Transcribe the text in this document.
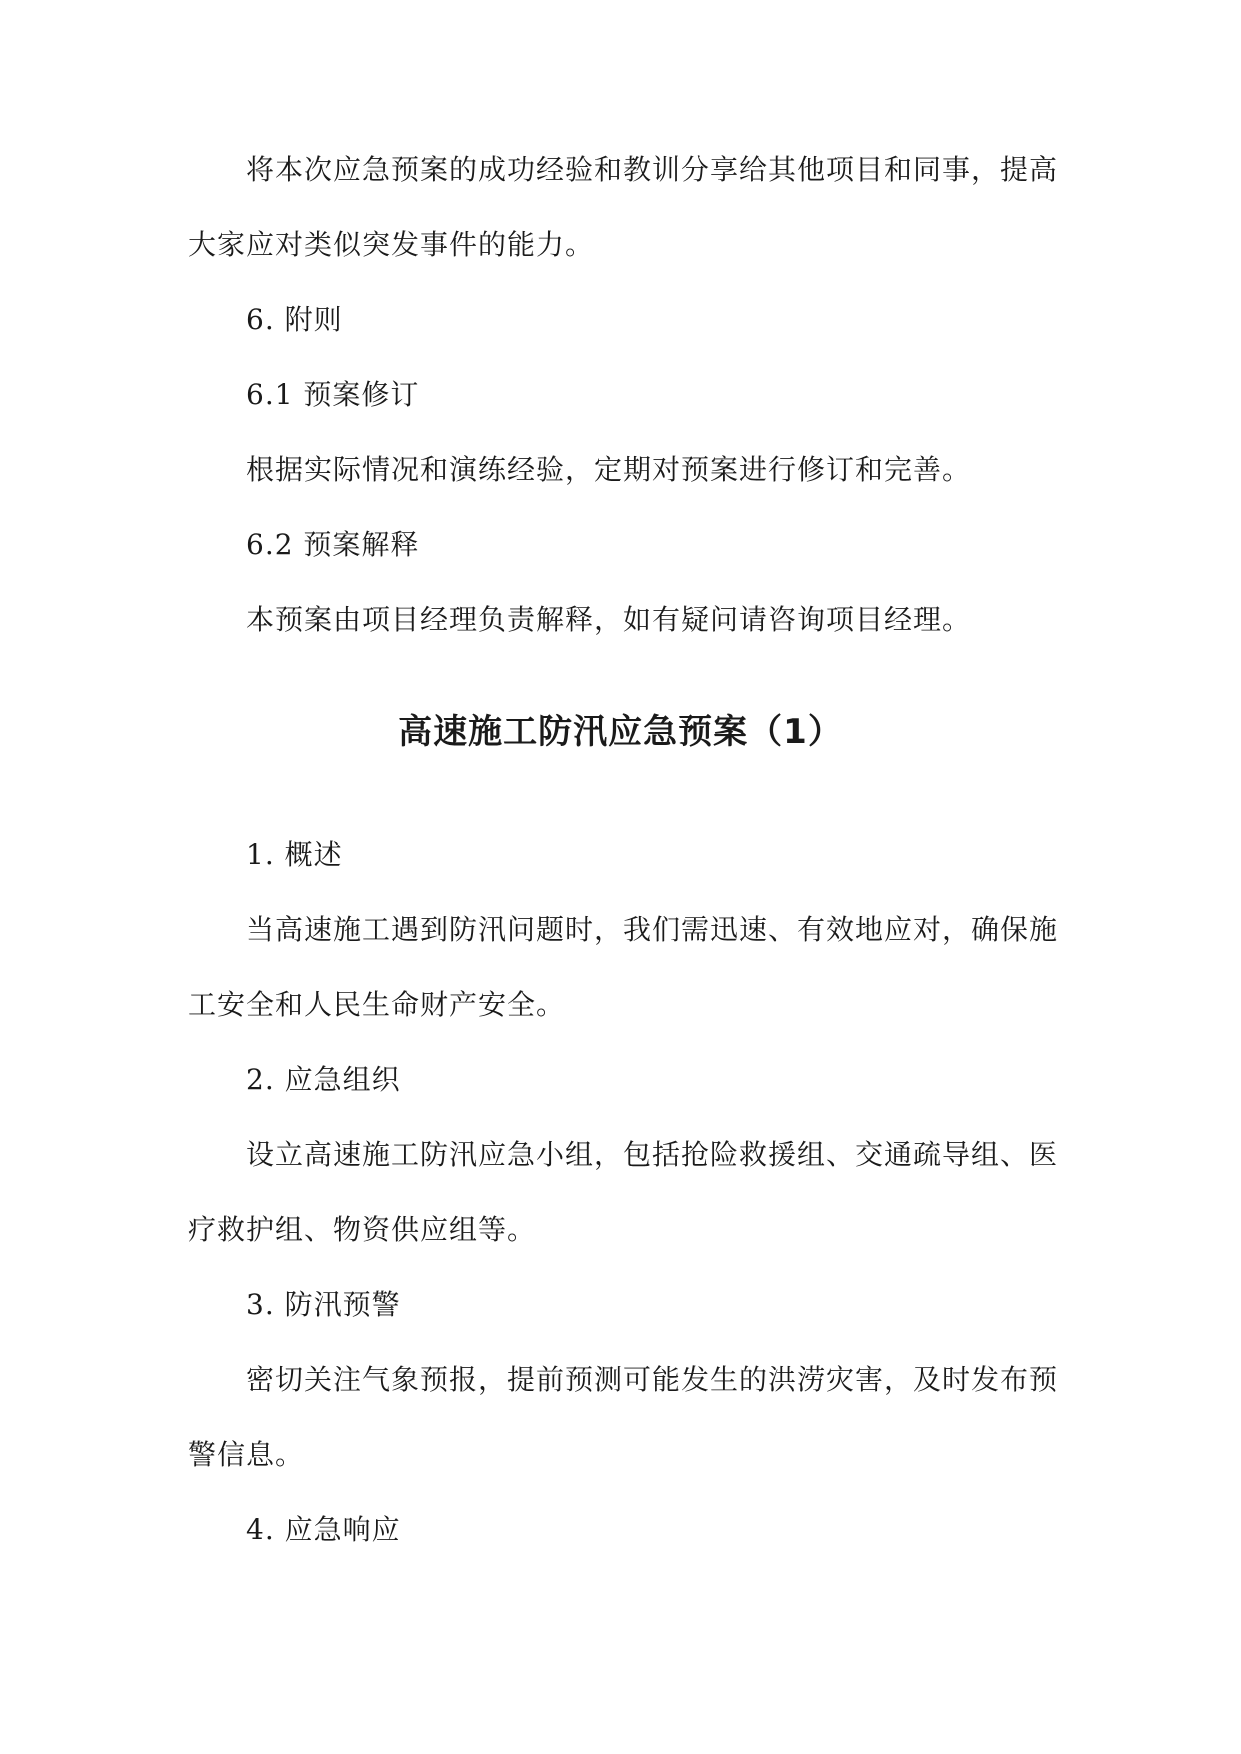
将本次应急预案的成功经验和教训分享给其他项目和同事，提高
大家应对类似突发事件的能力。
6. 附则
6.1 预案修订
根据实际情况和演练经验，定期对预案进行修订和完善。
6.2 预案解释
本预案由项目经理负责解释，如有疑问请咨询项目经理。
高速施工防汛应急预案（1）
1. 概述
当高速施工遇到防汛问题时，我们需迅速、有效地应对，确保施
工安全和人民生命财产安全。
2. 应急组织
设立高速施工防汛应急小组，包括抢险救援组、交通疏导组、医
疗救护组、物资供应组等。
3. 防汛预警
密切关注气象预报，提前预测可能发生的洪涝灾害，及时发布预
警信息。
4. 应急响应
